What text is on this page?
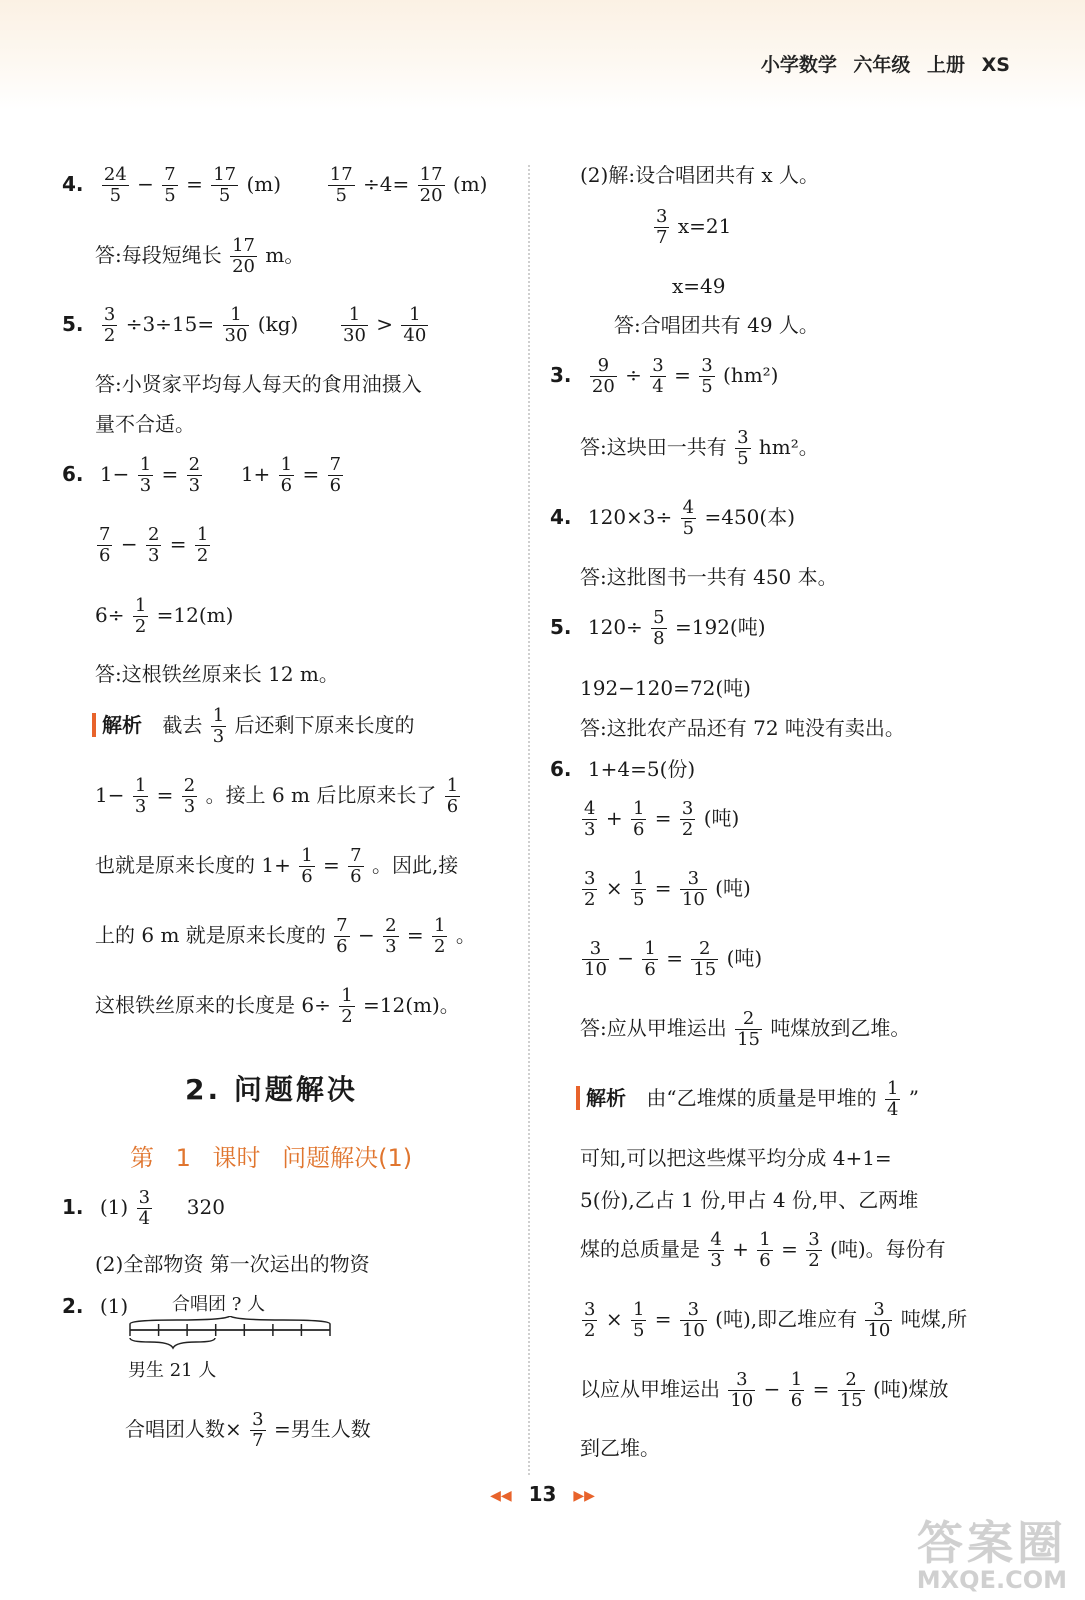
小学数学 六年级 上册 XS
4. $\frac{24}{5} - \frac{7}{5} = \frac{17}{5} (m)$	$\frac{17}{5} \div 4= \frac{17}{20} (m)$
答:每段短绳长 $\frac{17}{20}$ m。
5. $\frac{3}{2} \div 3\div 15= \frac{1}{30} (kg) \frac{1}{30} > \frac{1}{40}$
答:小贤家平均每人每天的食用油摄入
量不合适。
6. $1- \frac{1}{3} = \frac{2}{3} 1+ \frac{1}{6} = \frac{7}{6}$
$\frac{7}{6} - \frac{2}{3} = \frac{1}{2}$
$6\div \frac{1}{2} =12(m)$
答:这根铁丝原来长 12 m。
解析 截去 $\frac{1}{3}$ 后还剩下原来长度的
$1- \frac{1}{3} = \frac{2}{3}$ 。接上 6 m 后比原来长了 $\frac{1}{6}$
也就是原来长度的 $1+ \frac{1}{6} = \frac{7}{6}$ 。因此,接
上的 6 m 就是原来长度的 $\frac{7}{6} - \frac{2}{3} = \frac{1}{2}$ 。
这根铁丝原来的长度是 $6\div \frac{1}{2} =12(m)$。
2. 问题解决
第 1 课时 问题解决(1)
1. $(1) \frac{3}{4} 320$
(2)全部物资 第一次运出的物资
2. (1) 合唱团 ? 人
男生 21 人
合唱团人数× $\frac{3}{7}$ =男生人数
(2)解:设合唱团共有 x 人。
$\frac{3}{7} x=21$
x=49
答:合唱团共有 49 人。
3. $\frac{9}{20} \div \frac{3}{4} = \frac{3}{5} (hm^2)$
答:这块田一共有 $\frac{3}{5} hm^2$。
4. $120\times 3\div \frac{4}{5} =450$(本)
答:这批图书一共有 450 本。
5. $120\div \frac{5}{8} =192$(吨)
192−120=72(吨)
答:这批农产品还有 72 吨没有卖出。
6. 1+4=5(份)
$\frac{4}{3} + \frac{1}{6} = \frac{3}{2}$ (吨)
$\frac{3}{2} \times \frac{1}{5} = \frac{3}{10}$ (吨)
$\frac{3}{10} - \frac{1}{6} = \frac{2}{15}$ (吨)
答:应从甲堆运出 $\frac{2}{15}$ 吨煤放到乙堆。
解析 由“乙堆煤的质量是甲堆的 $\frac{1}{4}$ ”
可知,可以把这些煤平均分成 4+1=
5(份),乙占 1 份,甲占 4 份,甲、乙两堆
煤的总质量是 $\frac{4}{3} + \frac{1}{6} = \frac{3}{2}$ (吨)。每份有
$\frac{3}{2} \times \frac{1}{5} = \frac{3}{10}$ (吨),即乙堆应有 $\frac{3}{10}$ 吨煤,所
以应从甲堆运出 $\frac{3}{10} - \frac{1}{6} = \frac{2}{15}$ (吨)煤放
到乙堆。
◀◀ 13 ▶▶
答案圈
MXQE.COM
